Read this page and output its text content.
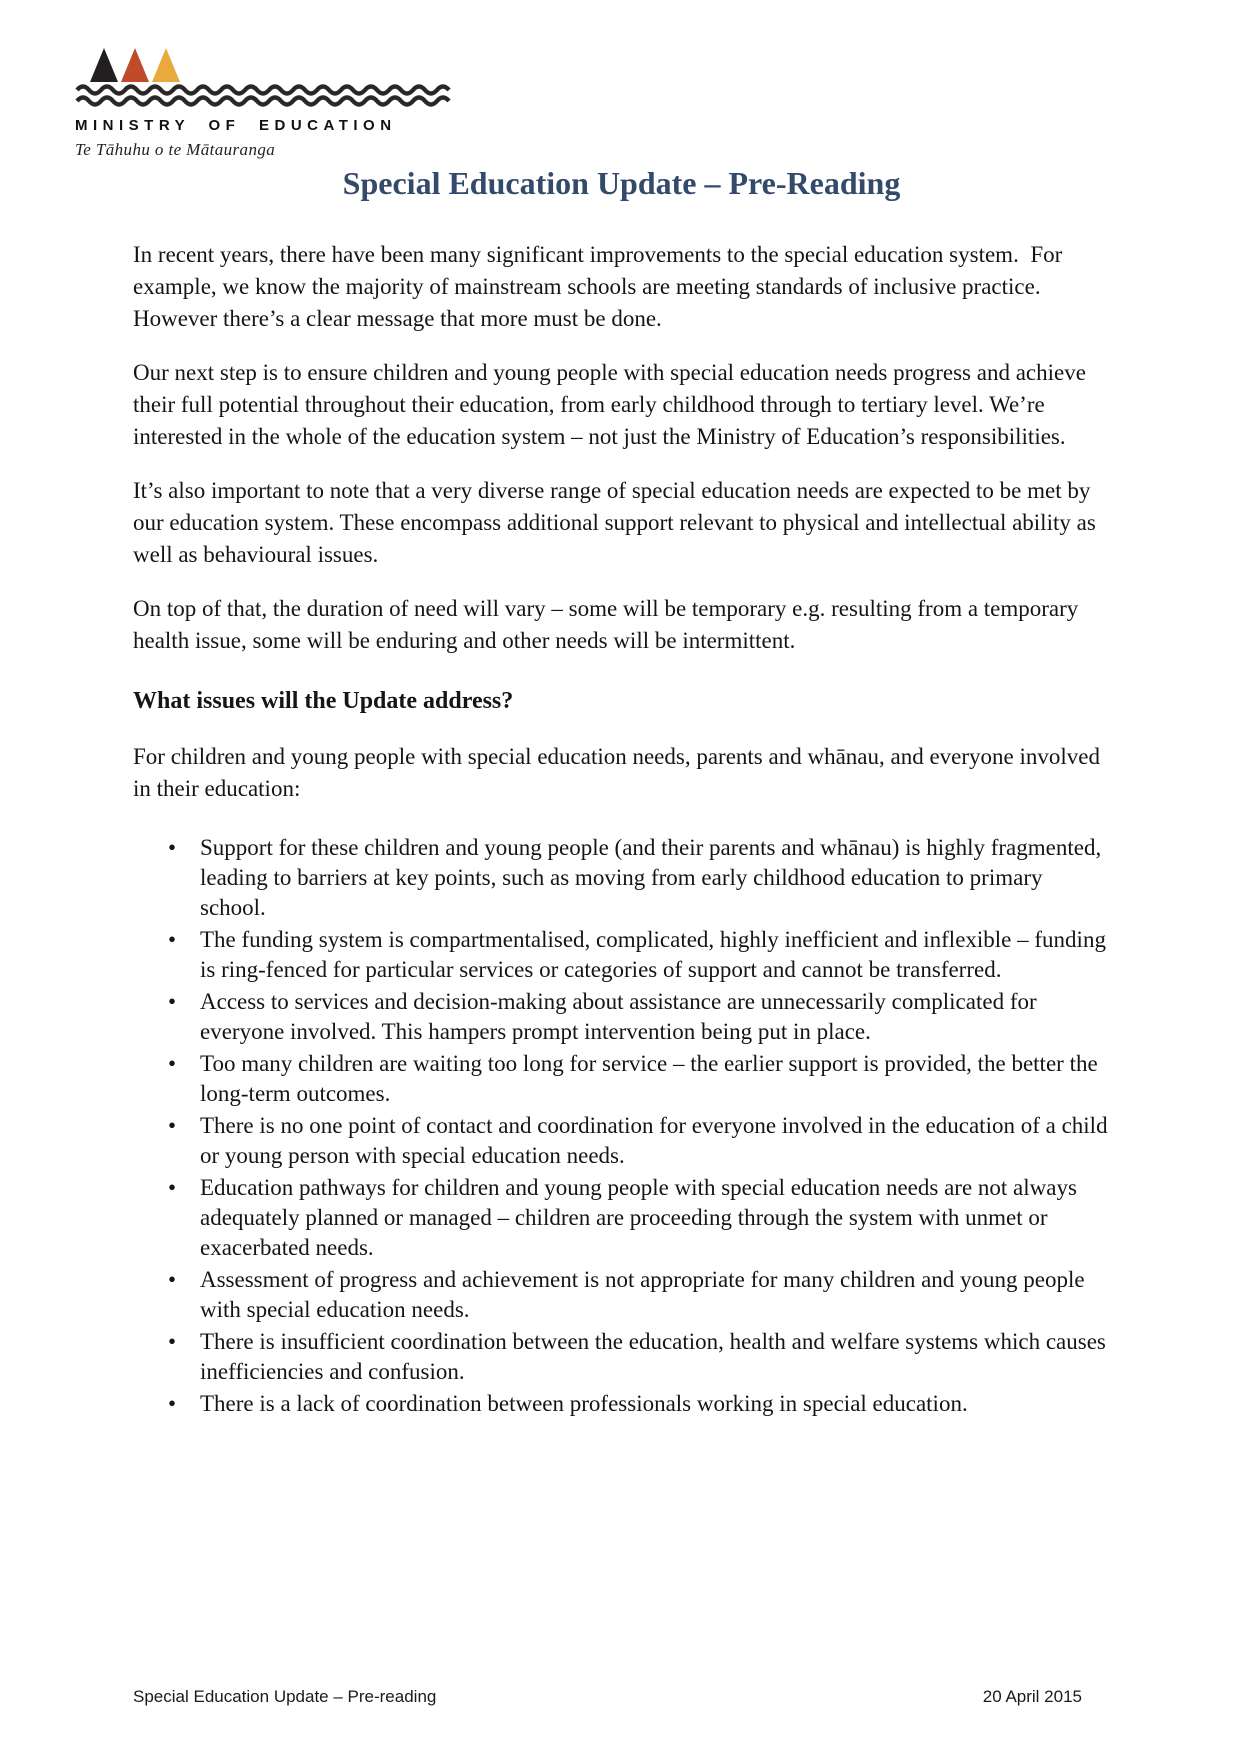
MINISTRY OF EDUCATION
Te Tāhuhu o te Mātauranga
Special Education Update – Pre-Reading

In recent years, there have been many significant improvements to the special education system.  For example, we know the majority of mainstream schools are meeting standards of inclusive practice. However there’s a clear message that more must be done.

Our next step is to ensure children and young people with special education needs progress and achieve their full potential throughout their education, from early childhood through to tertiary level. We’re interested in the whole of the education system – not just the Ministry of Education’s responsibilities.

It’s also important to note that a very diverse range of special education needs are expected to be met by our education system. These encompass additional support relevant to physical and intellectual ability as well as behavioural issues.

On top of that, the duration of need will vary – some will be temporary e.g. resulting from a temporary health issue, some will be enduring and other needs will be intermittent.

What issues will the Update address?

For children and young people with special education needs, parents and whānau, and everyone involved in their education:

• Support for these children and young people (and their parents and whānau) is highly fragmented, leading to barriers at key points, such as moving from early childhood education to primary school.
• The funding system is compartmentalised, complicated, highly inefficient and inflexible – funding is ring-fenced for particular services or categories of support and cannot be transferred.
• Access to services and decision-making about assistance are unnecessarily complicated for everyone involved. This hampers prompt intervention being put in place.
• Too many children are waiting too long for service – the earlier support is provided, the better the long-term outcomes.
• There is no one point of contact and coordination for everyone involved in the education of a child or young person with special education needs.
• Education pathways for children and young people with special education needs are not always adequately planned or managed – children are proceeding through the system with unmet or exacerbated needs.
• Assessment of progress and achievement is not appropriate for many children and young people with special education needs.
• There is insufficient coordination between the education, health and welfare systems which causes inefficiencies and confusion.
• There is a lack of coordination between professionals working in special education.
Special Education Update – Pre-reading	20 April 2015
